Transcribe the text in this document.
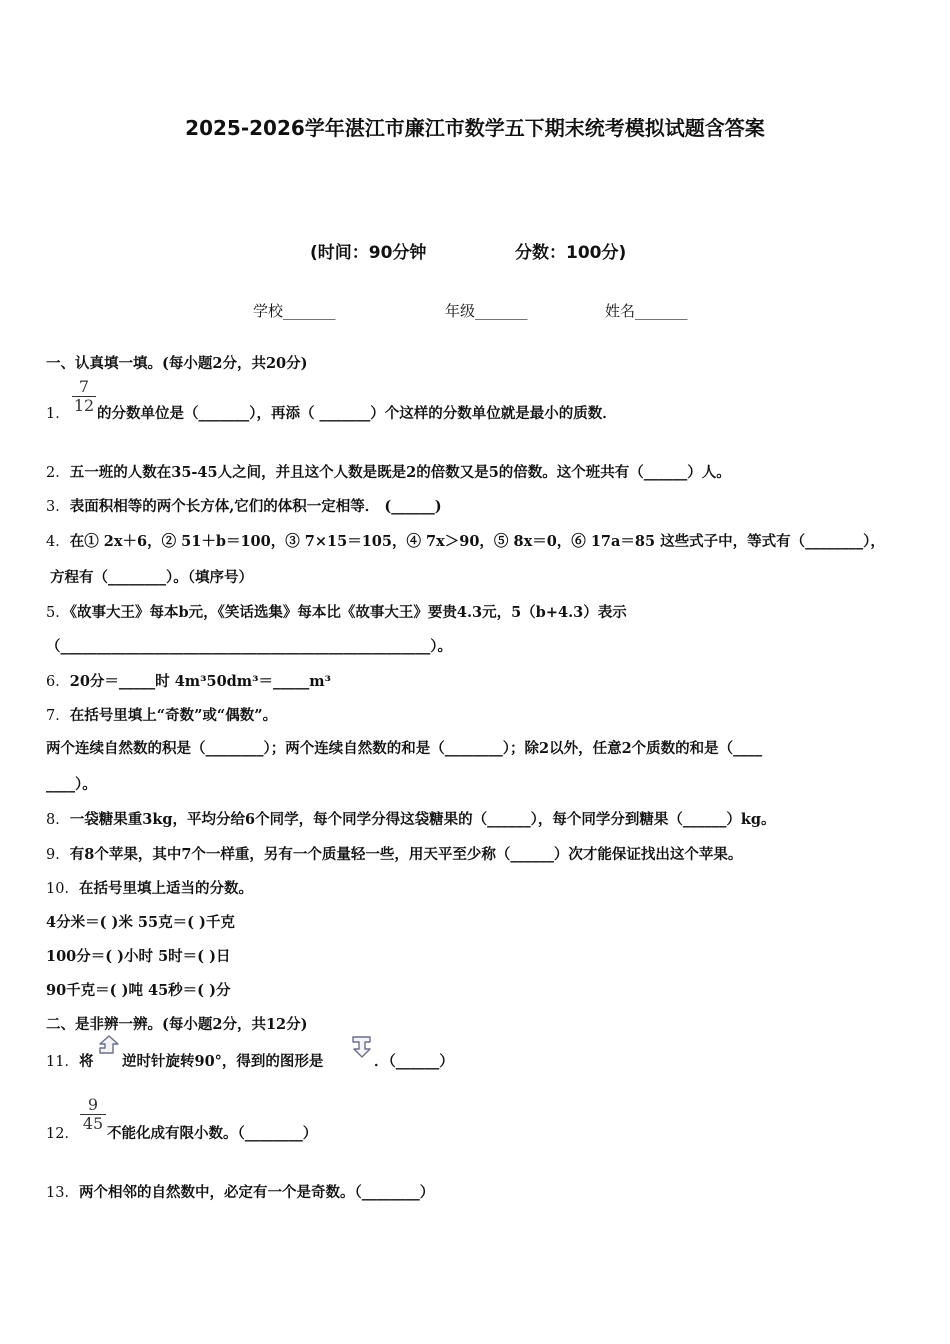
2025-2026学年湛江市廉江市数学五下期末统考模拟试题含答案
(时间：90分钟	分数：100分)
学校_______	年级_______	姓名_______
一、认真填一填。(每小题2分，共20分)
1．
7
12 的分数单位是（_______），再添（ _______）个这样的分数单位就是最小的质数．
2．五一班的人数在35-45人之间，并且这个人数是既是2的倍数又是5的倍数。这个班共有（______）人。
3．表面积相等的两个长方体,它们的体积一定相等． (______)
4．在① 2x＋6，② 51＋b＝100，③ 7×15＝105，④ 7x＞90，⑤ 8x＝0，⑥ 17a＝85 这些式子中，等式有（________），
方程有（________）。（填序号）
5．《故事大王》每本b元，《笑话选集》每本比《故事大王》要贵4.3元，5（b+4.3）表示
（___________________________________________________）。
6．20分＝_____时 4m³50dm³＝_____m³
7．在括号里填上“奇数”或“偶数”。
两个连续自然数的积是（________）；两个连续自然数的和是（________）；除2以外，任意2个质数的和是（____
____）。
8．一袋糖果重3kg，平均分给6个同学，每个同学分得这袋糖果的（______），每个同学分到糖果（______）kg。
9．有8个苹果，其中7个一样重，另有一个质量轻一些，用天平至少称（______）次才能保证找出这个苹果。
10．在括号里填上适当的分数。
4分米＝( )米 55克＝( )千克
100分＝( )小时 5时＝( )日
90千克＝( )吨 45秒＝( )分
二、是非辨一辨。(每小题2分，共12分)
11．将 逆时针旋转90°，得到的图形是	．（______）
12．
9
45
不能化成有限小数。（________）
13．两个相邻的自然数中，必定有一个是奇数。（________）
